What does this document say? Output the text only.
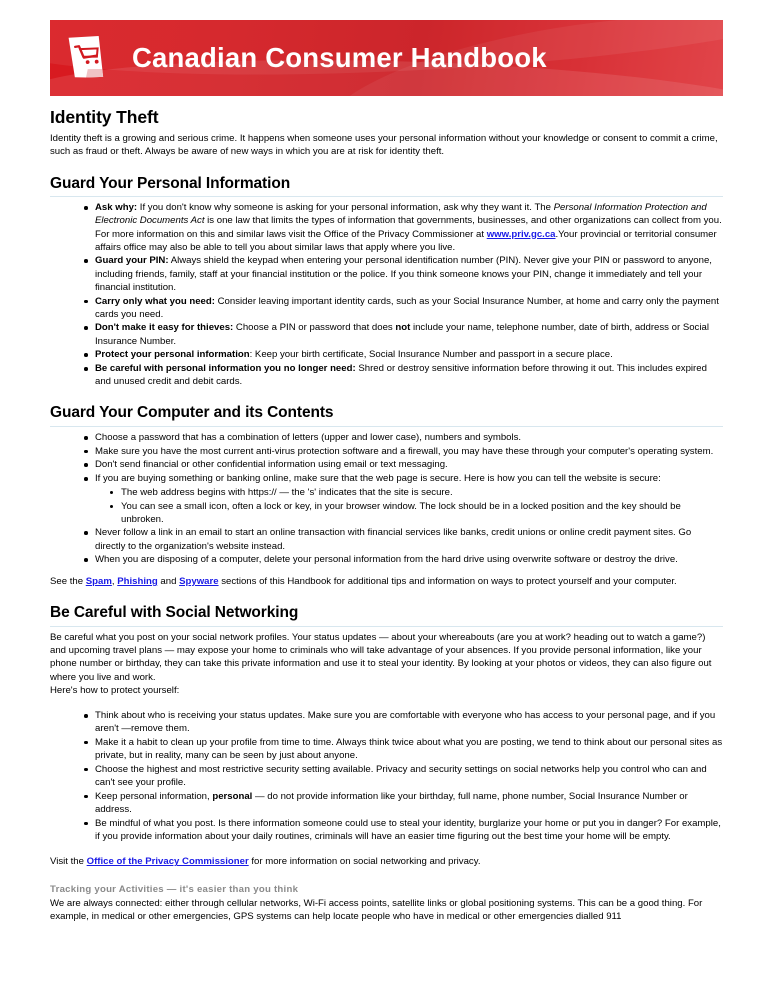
Canadian Consumer Handbook
Identity Theft

Identity theft is a growing and serious crime. It happens when someone uses your personal information without your knowledge or consent to commit a crime, such as fraud or theft. Always be aware of new ways in which you are at risk for identity theft.

Guard Your Personal Information
Ask why: If you don't know why someone is asking for your personal information, ask why they want it. The Personal Information Protection and Electronic Documents Act is one law that limits the types of information that governments, businesses, and other organizations can collect from you. For more information on this and similar laws visit the Office of the Privacy Commissioner at www.priv.gc.ca.Your provincial or territorial consumer affairs office may also be able to tell you about similar laws that apply where you live.
Guard your PIN: Always shield the keypad when entering your personal identification number (PIN). Never give your PIN or password to anyone, including friends, family, staff at your financial institution or the police. If you think someone knows your PIN, change it immediately and tell your financial institution.
Carry only what you need: Consider leaving important identity cards, such as your Social Insurance Number, at home and carry only the payment cards you need.
Don't make it easy for thieves: Choose a PIN or password that does not include your name, telephone number, date of birth, address or Social Insurance Number.
Protect your personal information: Keep your birth certificate, Social Insurance Number and passport in a secure place.
Be careful with personal information you no longer need: Shred or destroy sensitive information before throwing it out. This includes expired and unused credit and debit cards.
Guard Your Computer and its Contents
Choose a password that has a combination of letters (upper and lower case), numbers and symbols.
Make sure you have the most current anti-virus protection software and a firewall, you may have these through your computer's operating system.
Don't send financial or other confidential information using email or text messaging.
If you are buying something or banking online, make sure that the web page is secure. Here is how you can tell the website is secure:
The web address begins with https:// — the 's' indicates that the site is secure.
You can see a small icon, often a lock or key, in your browser window. The lock should be in a locked position and the key should be unbroken.
Never follow a link in an email to start an online transaction with financial services like banks, credit unions or online credit payment sites. Go directly to the organization's website instead.
When you are disposing of a computer, delete your personal information from the hard drive using overwrite software or destroy the drive.

See the Spam, Phishing and Spyware sections of this Handbook for additional tips and information on ways to protect yourself and your computer.

Be Careful with Social Networking

Be careful what you post on your social network profiles. Your status updates — about your whereabouts (are you at work? heading out to watch a game?) and upcoming travel plans — may expose your home to criminals who will take advantage of your absences. If you provide personal information, like your phone number or birthday, they can take this private information and use it to steal your identity. By looking at your photos or videos, they can also figure out where you live and work.

Here's how to protect yourself:

Think about who is receiving your status updates. Make sure you are comfortable with everyone who has access to your personal page, and if you aren't —remove them.
Make it a habit to clean up your profile from time to time. Always think twice about what you are posting, we tend to think about our personal sites as private, but in reality, many can be seen by just about anyone.
Choose the highest and most restrictive security setting available. Privacy and security settings on social networks help you control who can and can't see your profile.
Keep personal information, personal — do not provide information like your birthday, full name, phone number, Social Insurance Number or address.
Be mindful of what you post. Is there information someone could use to steal your identity, burglarize your home or put you in danger? For example, if you provide information about your daily routines, criminals will have an easier time figuring out the best time your home will be empty.

Visit the Office of the Privacy Commissioner for more information on social networking and privacy.

Tracking your Activities — it's easier than you think

We are always connected: either through cellular networks, Wi-Fi access points, satellite links or global positioning systems. This can be a good thing. For example, in medical or other emergencies, GPS systems can help locate people who have in medical or other emergencies dialled 911
